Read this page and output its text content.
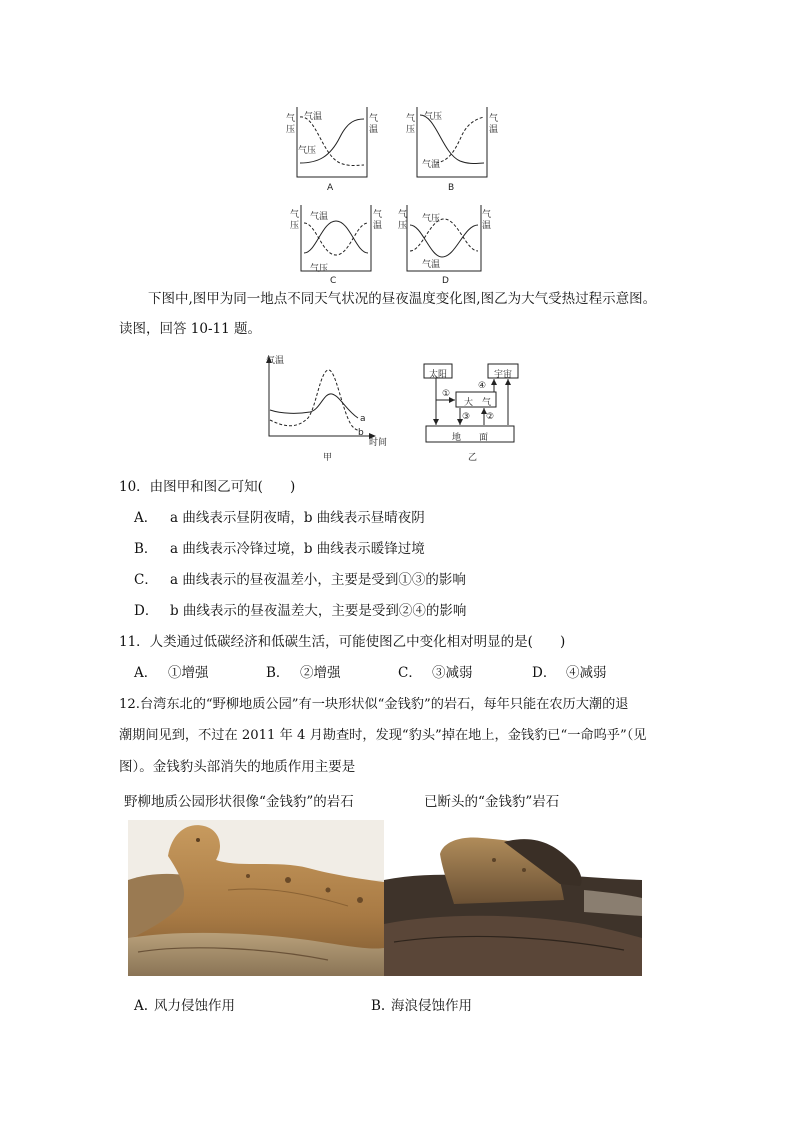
气
压
气
温
气温
气压
A
气
压
气
温
气压
气温
B
气
压
气
温
气温
气压
C
气
压
气
温
气压
气温
D
下图中,图甲为同一地点不同天气状况的昼夜温度变化图,图乙为大气受热过程示意图。
读图，回答 10-11 题。
气温
a
b
时间
甲
太阳	宇宙
大　气
地　　面
①
②
③
④
乙
10．由图甲和图乙可知(　　)
A． a 曲线表示昼阴夜晴，b 曲线表示昼晴夜阴
B． a 曲线表示冷锋过境，b 曲线表示暖锋过境
C． a 曲线表示的昼夜温差小，主要是受到①③的影响
D． b 曲线表示的昼夜温差大，主要是受到②④的影响
11．人类通过低碳经济和低碳生活，可能使图乙中变化相对明显的是(　　)
A． ①增强	B． ②增强	C． ③减弱	D． ④减弱
12.台湾东北的“野柳地质公园”有一块形状似“金钱豹”的岩石，每年只能在农历大潮的退
潮期间见到，不过在 2011 年 4 月勘查时，发现“豹头”掉在地上，金钱豹已“一命呜乎”（见
图）。金钱豹头部消失的地质作用主要是
野柳地质公园形状很像“金钱豹”的岩石	已断头的“金钱豹”岩石
A. 风力侵蚀作用	B. 海浪侵蚀作用
